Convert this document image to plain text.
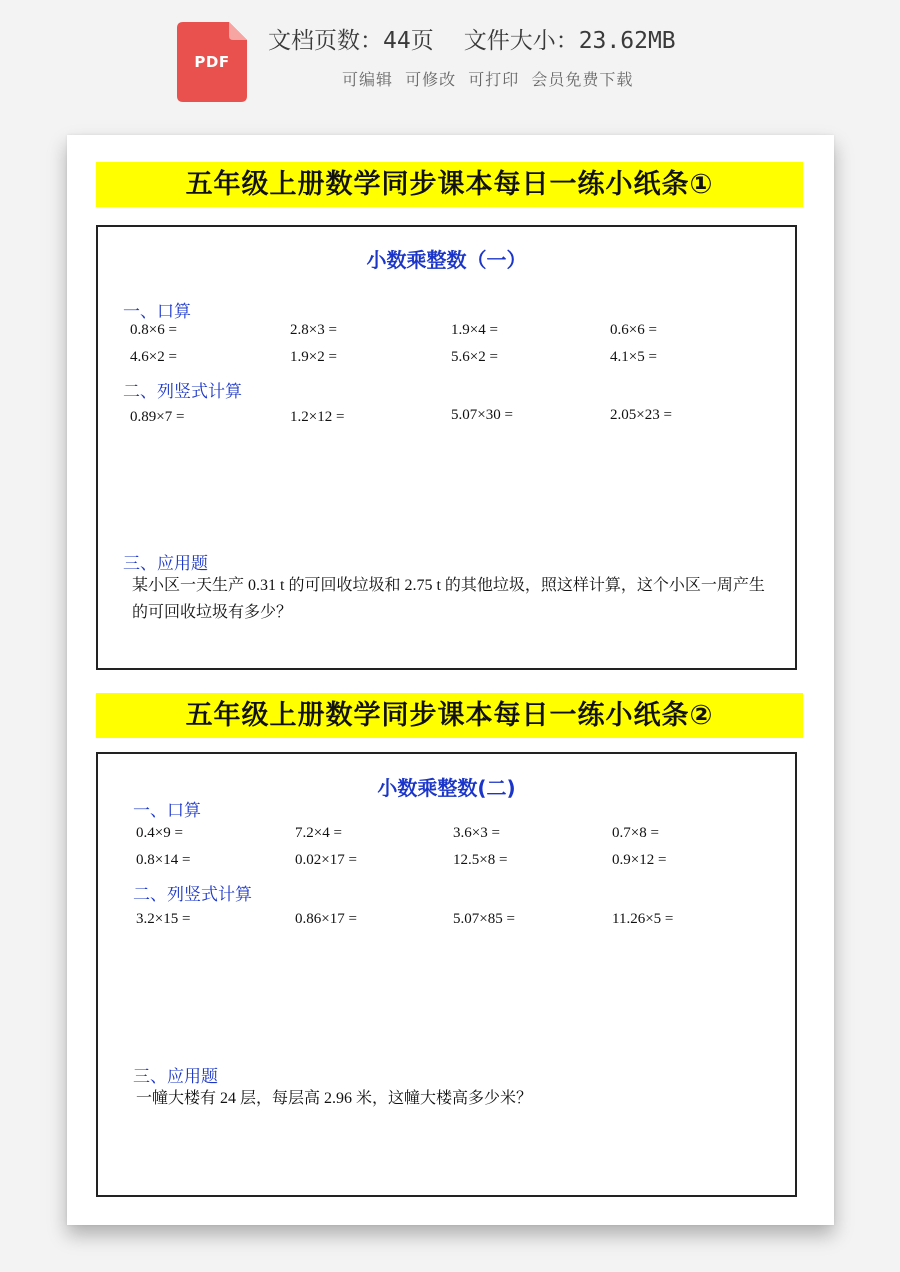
PDF
文档页数：44页 文件大小：23.62MB
可编辑 可修改 可打印 会员免费下载
五年级上册数学同步课本每日一练小纸条①
小数乘整数（一）
一、口算
0.8×6 =	2.8×3 =	1.9×4 =	0.6×6 =
4.6×2 =	1.9×2 =	5.6×2 =	4.1×5 =
二、列竖式计算
0.89×7 =	1.2×12 =	5.07×30 =	2.05×23 =
三、应用题
某小区一天生产 0.31 t 的可回收垃圾和 2.75 t 的其他垃圾，照这样计算，这个小区一周产生
的可回收垃圾有多少？
五年级上册数学同步课本每日一练小纸条②
小数乘整数(二)
一、口算
0.4×9 =	7.2×4 =	3.6×3 =	0.7×8 =
0.8×14 =	0.02×17 =	12.5×8 =	0.9×12 =
二、列竖式计算
3.2×15 =	0.86×17 =	5.07×85 =	11.26×5 =
三、应用题
一幢大楼有 24 层，每层高 2.96 米，这幢大楼高多少米？
